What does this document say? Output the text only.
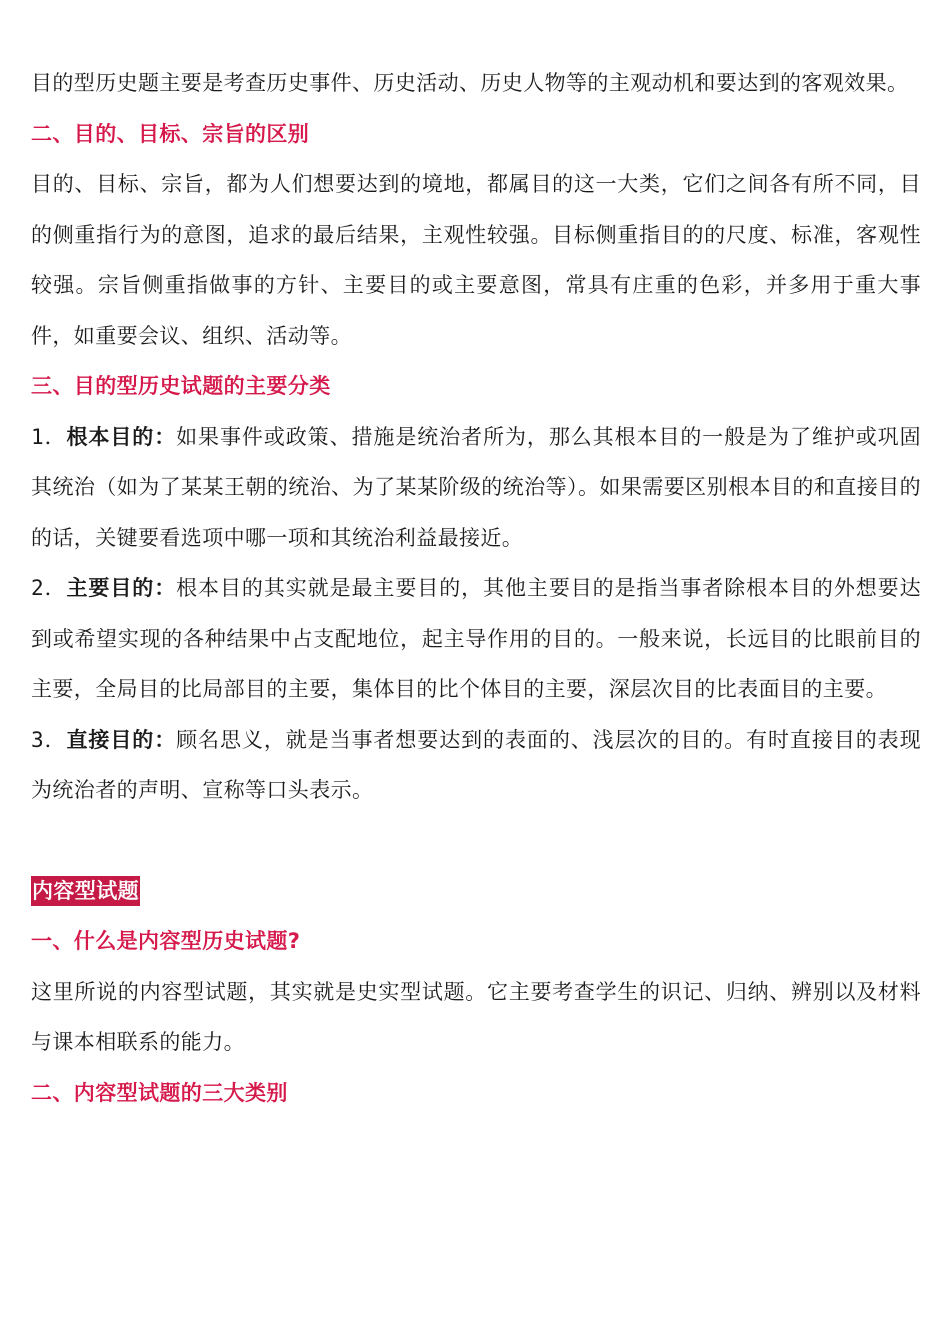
目的型历史题主要是考查历史事件、历史活动、历史人物等的主观动机和要达到的客观效果。

二、目的、目标、宗旨的区别

目的、目标、宗旨，都为人们想要达到的境地，都属目的这一大类，它们之间各有所不同，目的侧重指行为的意图，追求的最后结果，主观性较强。目标侧重指目的的尺度、标准，客观性较强。宗旨侧重指做事的方针、主要目的或主要意图，常具有庄重的色彩，并多用于重大事件，如重要会议、组织、活动等。

三、目的型历史试题的主要分类

1．根本目的：如果事件或政策、措施是统治者所为，那么其根本目的一般是为了维护或巩固其统治（如为了某某王朝的统治、为了某某阶级的统治等）。如果需要区别根本目的和直接目的的话，关键要看选项中哪一项和其统治利益最接近。

2．主要目的：根本目的其实就是最主要目的，其他主要目的是指当事者除根本目的外想要达到或希望实现的各种结果中占支配地位，起主导作用的目的。一般来说，长远目的比眼前目的主要，全局目的比局部目的主要，集体目的比个体目的主要，深层次目的比表面目的主要。

3．直接目的：顾名思义，就是当事者想要达到的表面的、浅层次的目的。有时直接目的表现为统治者的声明、宣称等口头表示。

内容型试题

一、什么是内容型历史试题?

这里所说的内容型试题，其实就是史实型试题。它主要考查学生的识记、归纳、辨别以及材料与课本相联系的能力。

二、内容型试题的三大类别
